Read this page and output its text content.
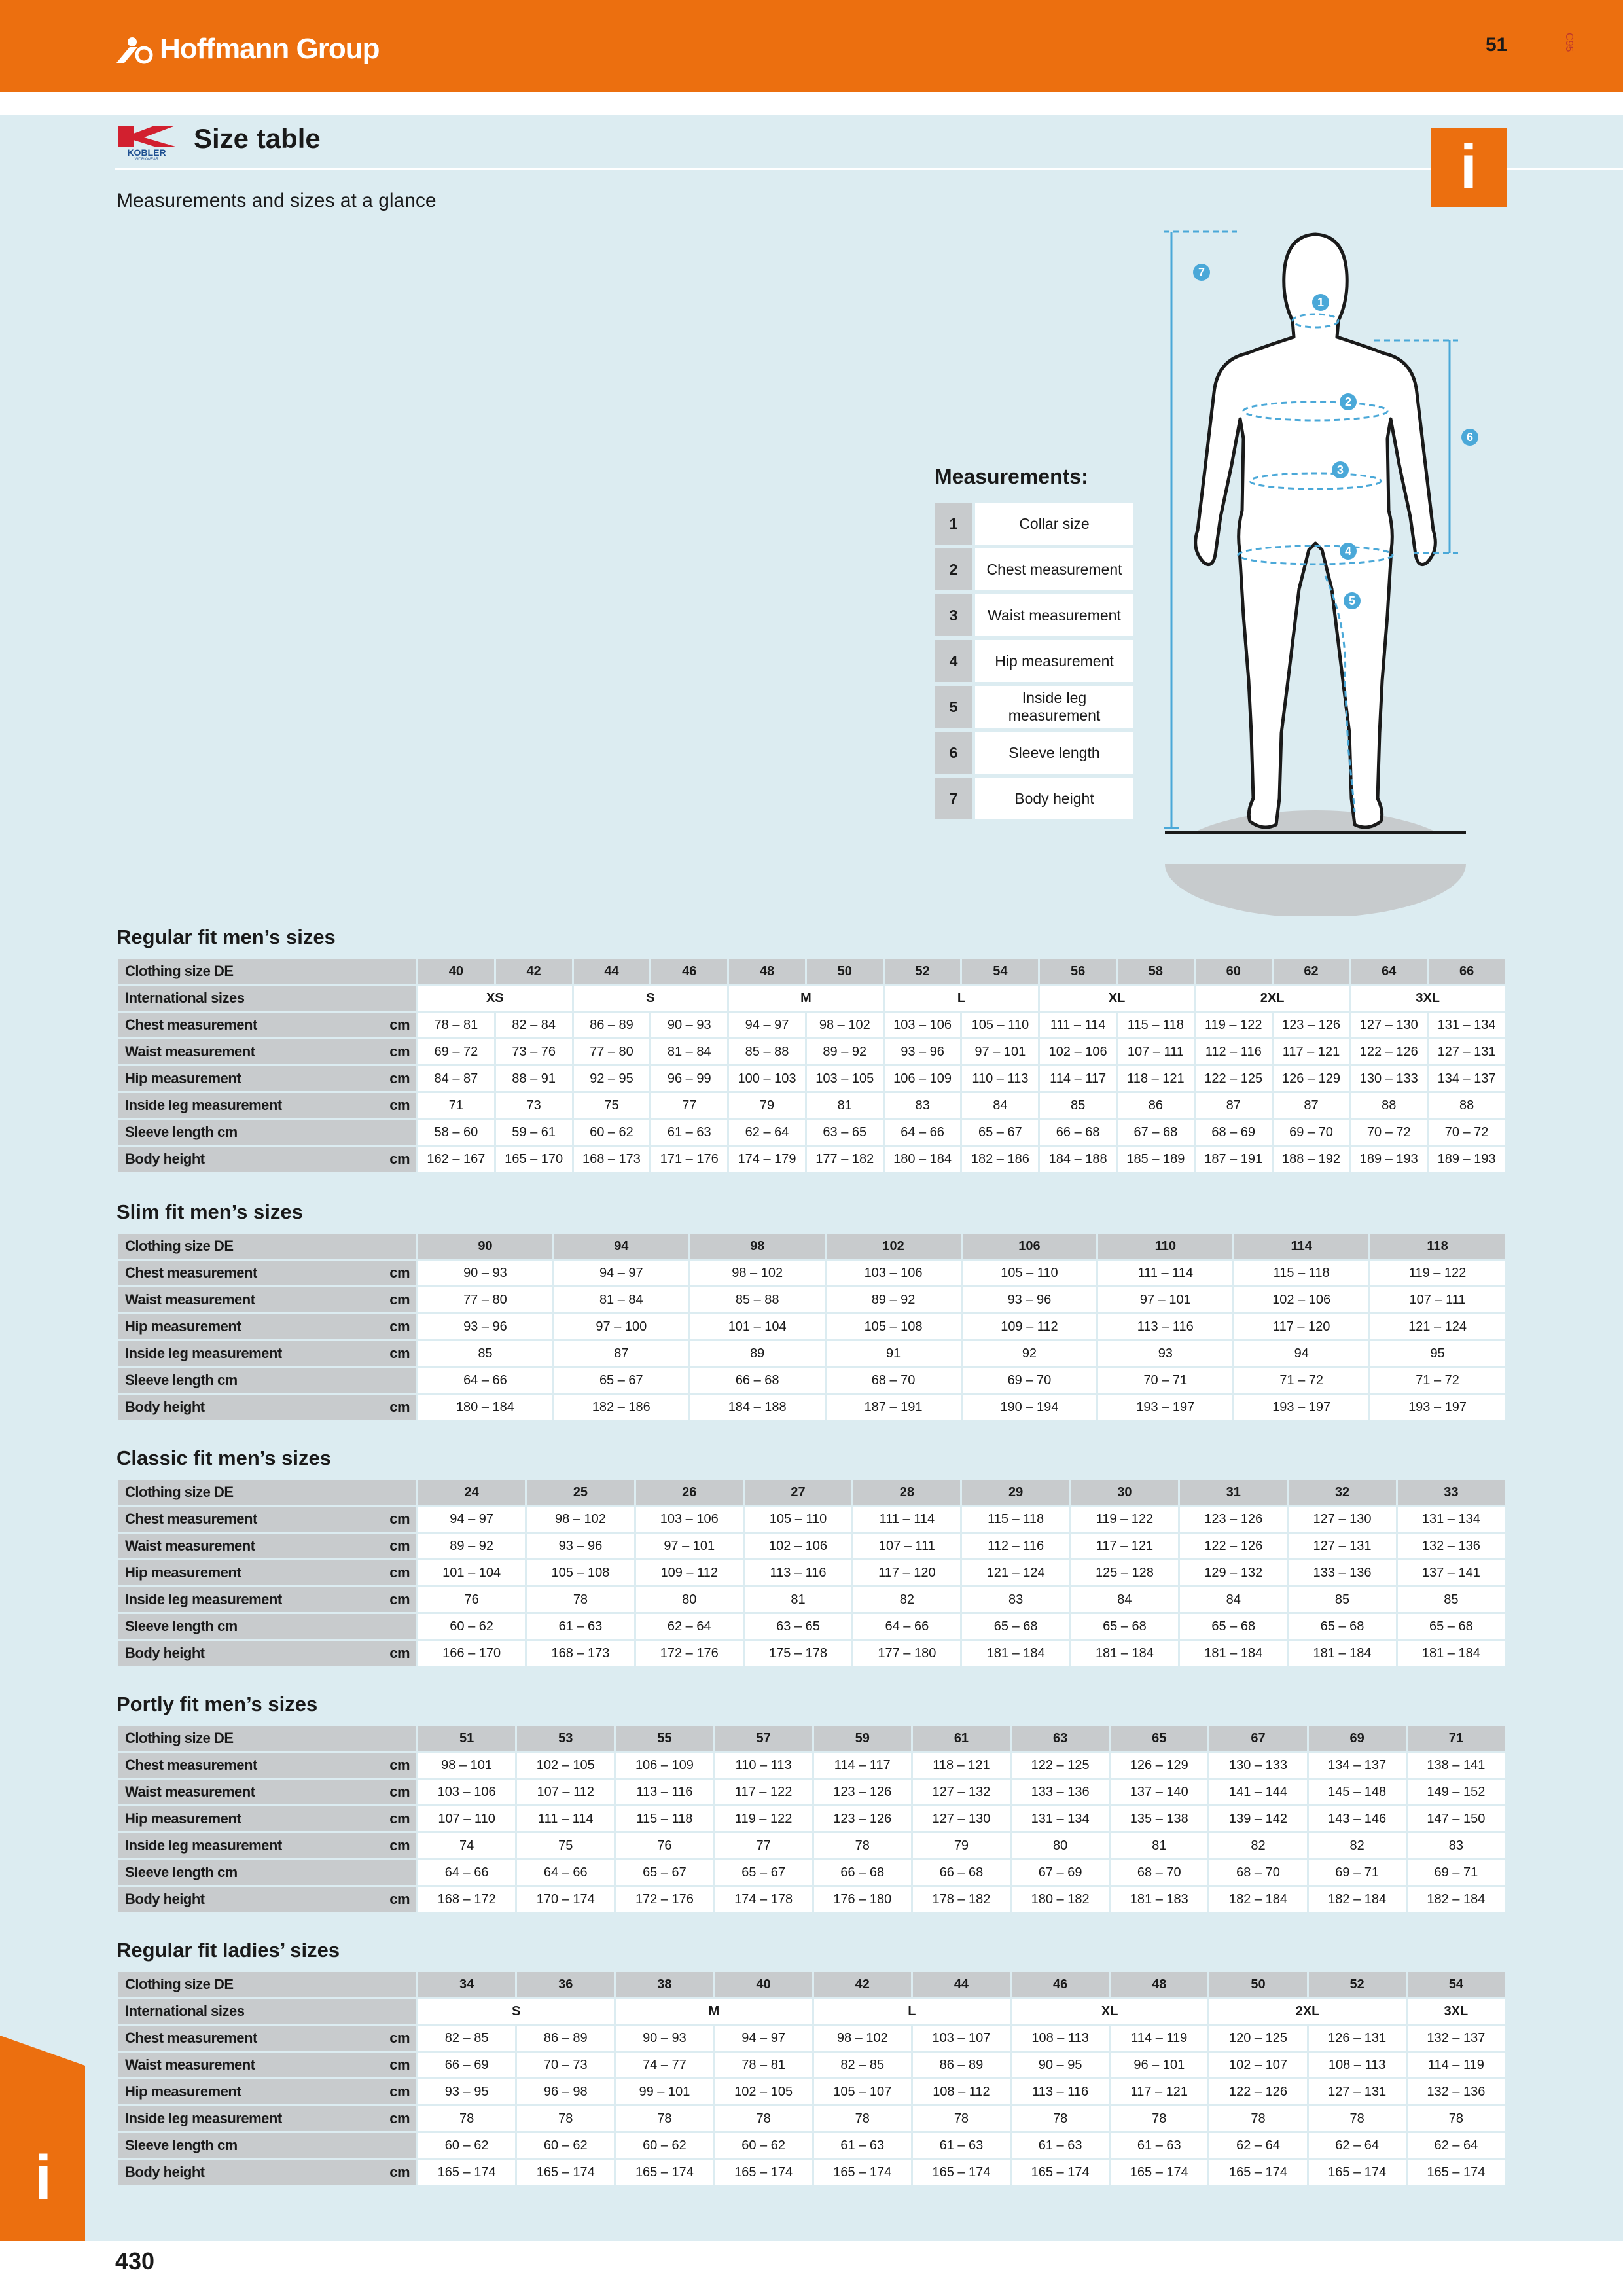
Hoffmann Group	51	C95
KOBLER
WORKWEAR
Size table	i
Measurements and sizes at a glance
Measurements:
1	Collar size
2	Chest measurement
3	Waist measurement
4	Hip measurement
5	Inside leg measurement
6	Sleeve length
7	Body height
1
2
3
4
5
6
7
Regular fit men’s sizes
Clothing size DE	40	42	44	46	48	50	52	54	56	58	60	62	64	66
International sizes	XS		S		M		L		XL		2XL		3XL	

cm
Chest measurement	78 – 81	82 – 84	86 – 89	90 – 93	94 – 97	98 – 102	103 – 106	105 – 110	111 – 114	115 – 118	119 – 122	123 – 126	127 – 130	131 – 134

cm
Waist measurement	69 – 72	73 – 76	77 – 80	81 – 84	85 – 88	89 – 92	93 – 96	97 – 101	102 – 106	107 – 111	112 – 116	117 – 121	122 – 126	127 – 131

cm
Hip measurement	84 – 87	88 – 91	92 – 95	96 – 99	100 – 103	103 – 105	106 – 109	110 – 113	114 – 117	118 – 121	122 – 125	126 – 129	130 – 133	134 – 137

cm
Inside leg measurement	71	73	75	77	79	81	83	84	85	86	87	87	88	88

Sleeve length cm	58 – 60	59 – 61	60 – 62	61 – 63	62 – 64	63 – 65	64 – 66	65 – 67	66 – 68	67 – 68	68 – 69	69 – 70	70 – 72	70 – 72

cm
Body height	162 – 167	165 – 170	168 – 173	171 – 176	174 – 179	177 – 182	180 – 184	182 – 186	184 – 188	185 – 189	187 – 191	188 – 192	189 – 193	189 – 193
Slim fit men’s sizes
Clothing size DE	90	94	98	102	106	110	114	118

cm
Chest measurement	90 – 93	94 – 97	98 – 102	103 – 106	105 – 110	111 – 114	115 – 118	119 – 122

cm
Waist measurement	77 – 80	81 – 84	85 – 88	89 – 92	93 – 96	97 – 101	102 – 106	107 – 111

cm
Hip measurement	93 – 96	97 – 100	101 – 104	105 – 108	109 – 112	113 – 116	117 – 120	121 – 124

cm
Inside leg measurement	85	87	89	91	92	93	94	95

Sleeve length cm	64 – 66	65 – 67	66 – 68	68 – 70	69 – 70	70 – 71	71 – 72	71 – 72

cm
Body height	180 – 184	182 – 186	184 – 188	187 – 191	190 – 194	193 – 197	193 – 197	193 – 197
Classic fit men’s sizes
Clothing size DE	24	25	26	27	28	29	30	31	32	33

cm
Chest measurement	94 – 97	98 – 102	103 – 106	105 – 110	111 – 114	115 – 118	119 – 122	123 – 126	127 – 130	131 – 134

cm
Waist measurement	89 – 92	93 – 96	97 – 101	102 – 106	107 – 111	112 – 116	117 – 121	122 – 126	127 – 131	132 – 136

cm
Hip measurement	101 – 104	105 – 108	109 – 112	113 – 116	117 – 120	121 – 124	125 – 128	129 – 132	133 – 136	137 – 141

cm
Inside leg measurement	76	78	80	81	82	83	84	84	85	85

Sleeve length cm	60 – 62	61 – 63	62 – 64	63 – 65	64 – 66	65 – 68	65 – 68	65 – 68	65 – 68	65 – 68

cm
Body height	166 – 170	168 – 173	172 – 176	175 – 178	177 – 180	181 – 184	181 – 184	181 – 184	181 – 184	181 – 184
Portly fit men’s sizes
Clothing size DE	51	53	55	57	59	61	63	65	67	69	71

cm
Chest measurement	98 – 101	102 – 105	106 – 109	110 – 113	114 – 117	118 – 121	122 – 125	126 – 129	130 – 133	134 – 137	138 – 141

cm
Waist measurement	103 – 106	107 – 112	113 – 116	117 – 122	123 – 126	127 – 132	133 – 136	137 – 140	141 – 144	145 – 148	149 – 152

cm
Hip measurement	107 – 110	111 – 114	115 – 118	119 – 122	123 – 126	127 – 130	131 – 134	135 – 138	139 – 142	143 – 146	147 – 150

cm
Inside leg measurement	74	75	76	77	78	79	80	81	82	82	83

Sleeve length cm	64 – 66	64 – 66	65 – 67	65 – 67	66 – 68	66 – 68	67 – 69	68 – 70	68 – 70	69 – 71	69 – 71

cm
Body height	168 – 172	170 – 174	172 – 176	174 – 178	176 – 180	178 – 182	180 – 182	181 – 183	182 – 184	182 – 184	182 – 184
Regular fit ladies’ sizes
Clothing size DE	34	36	38	40	42	44	46	48	50	52	54
International sizes	S		M		L		XL		2XL		3XL

cm
Chest measurement	82 – 85	86 – 89	90 – 93	94 – 97	98 – 102	103 – 107	108 – 113	114 – 119	120 – 125	126 – 131	132 – 137

cm
Waist measurement	66 – 69	70 – 73	74 – 77	78 – 81	82 – 85	86 – 89	90 – 95	96 – 101	102 – 107	108 – 113	114 – 119

cm
Hip measurement	93 – 95	96 – 98	99 – 101	102 – 105	105 – 107	108 – 112	113 – 116	117 – 121	122 – 126	127 – 131	132 – 136

cm
Inside leg measurement	78	78	78	78	78	78	78	78	78	78	78

Sleeve length cm	60 – 62	60 – 62	60 – 62	60 – 62	61 – 63	61 – 63	61 – 63	61 – 63	62 – 64	62 – 64	62 – 64

cm
Body height	165 – 174	165 – 174	165 – 174	165 – 174	165 – 174	165 – 174	165 – 174	165 – 174	165 – 174	165 – 174	165 – 174
i
430
